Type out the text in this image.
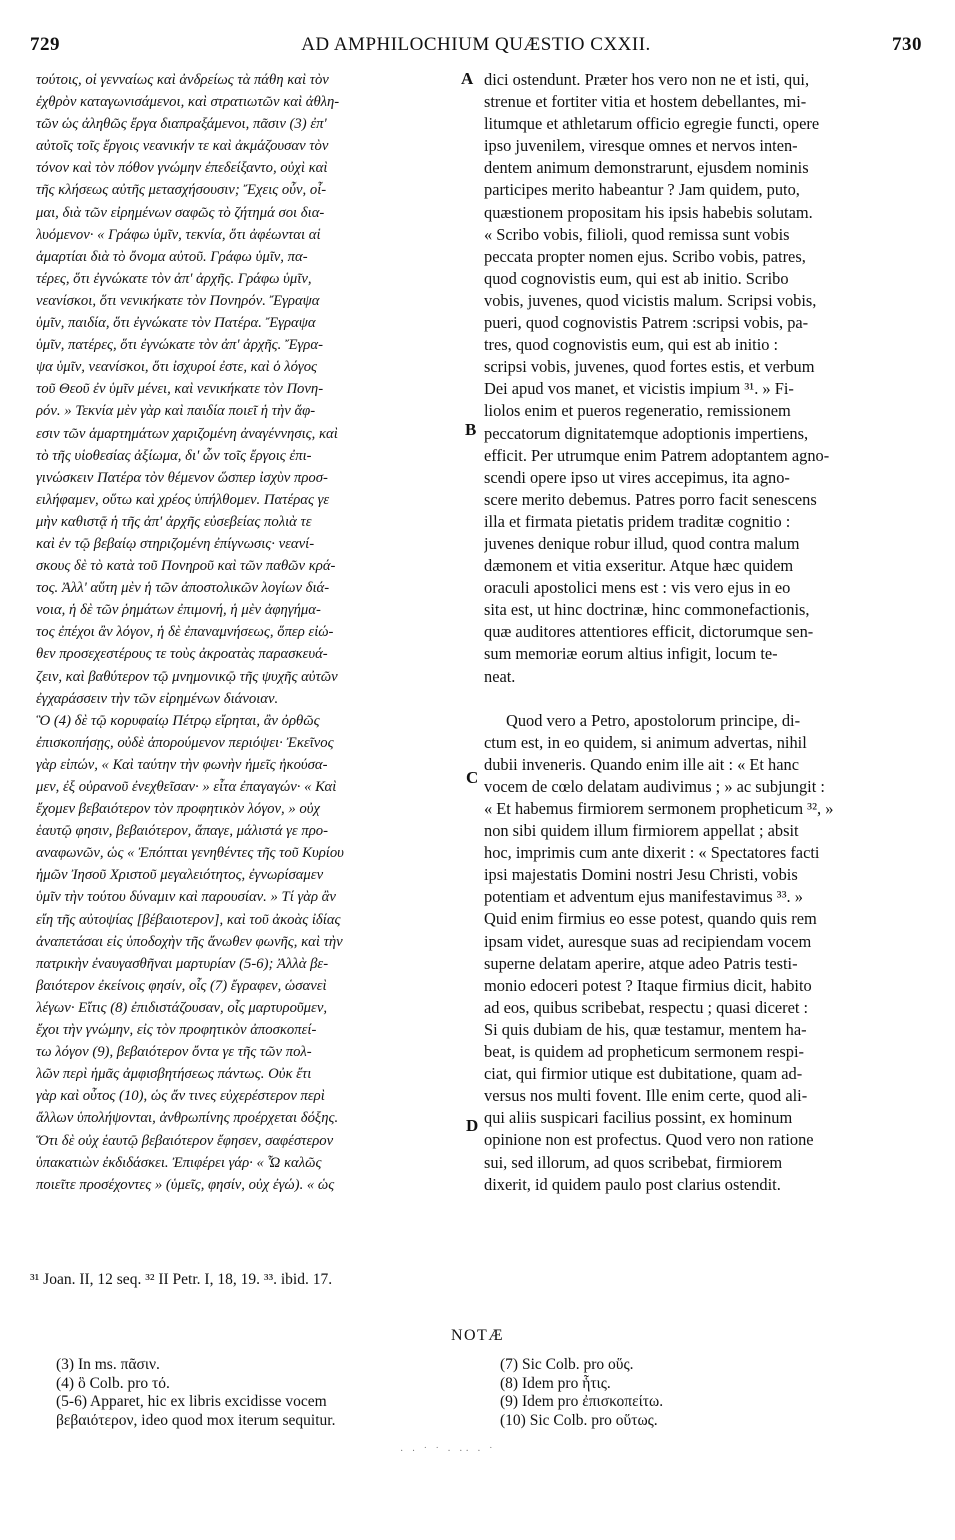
729	AD AMPHILOCHIUM QUÆSTIO CXXII.	730
τούτοις, οἱ γενναίως καὶ ἀνδρείως τὰ πάθη καὶ τὸν
ἐχθρὸν καταγωνισάμενοι, καὶ στρατιωτῶν καὶ ἀθλη-
τῶν ὡς ἀληθῶς ἔργα διαπραξάμενοι, πᾶσιν (3) ἐπ'
αὐτοῖς τοῖς ἔργοις νεανικήν τε καὶ ἀκμάζουσαν τὸν
τόνον καὶ τὸν πόθον γνώμην ἐπεδείξαντο, οὐχὶ καὶ
τῆς κλήσεως αὐτῆς μετασχήσουσιν; Ἔχεις οὖν, οἶ-
μαι, διὰ τῶν εἰρημένων σαφῶς τὸ ζήτημά σοι δια-
λυόμενον· « Γράφω ὑμῖν, τεκνία, ὅτι ἀφέωνται αἱ
ἁμαρτίαι διὰ τὸ ὄνομα αὐτοῦ. Γράφω ὑμῖν, πα-
τέρες, ὅτι ἐγνώκατε τὸν ἀπ' ἀρχῆς. Γράφω ὑμῖν,
νεανίσκοι, ὅτι νενικήκατε τὸν Πονηρόν. Ἔγραψα
ὑμῖν, παιδία, ὅτι ἐγνώκατε τὸν Πατέρα. Ἔγραψα
ὑμῖν, πατέρες, ὅτι ἐγνώκατε τὸν ἀπ' ἀρχῆς. Ἔγρα-
ψα ὑμῖν, νεανίσκοι, ὅτι ἰσχυροί ἐστε, καὶ ὁ λόγος
τοῦ Θεοῦ ἐν ὑμῖν μένει, καὶ νενικήκατε τὸν Πονη-
ρόν. » Τεκνία μὲν γὰρ καὶ παιδία ποιεῖ ἡ τὴν ἄφ-
εσιν τῶν ἁμαρτημάτων χαριζομένη ἀναγέννησις, καὶ
τὸ τῆς υἱοθεσίας ἀξίωμα, δι' ὧν τοῖς ἔργοις ἐπι-
γινώσκειν Πατέρα τὸν θέμενον ὥσπερ ἰσχὺν προσ-
ειλήφαμεν, οὕτω καὶ χρέος ὑπήλθομεν. Πατέρας γε
μὴν καθιστᾷ ἡ τῆς ἀπ' ἀρχῆς εὐσεβείας πολιὰ τε
καὶ ἐν τῷ βεβαίῳ στηριζομένη ἐπίγνωσις· νεανί-
σκους δὲ τὸ κατὰ τοῦ Πονηροῦ καὶ τῶν παθῶν κρά-
τος. Ἀλλ' αὕτη μὲν ἡ τῶν ἀποστολικῶν λογίων διά-
νοια, ἡ δὲ τῶν ῥημάτων ἐπιμονή, ἡ μὲν ἀφηγήμα-
τος ἐπέχοι ἂν λόγον, ἡ δὲ ἐπαναμνήσεως, ὅπερ εἰώ-
θεν προσεχεστέρους τε τοὺς ἀκροατὰς παρασκευά-
ζειν, καὶ βαθύτερον τῷ μνημονικῷ τῆς ψυχῆς αὐτῶν
ἐγχαράσσειν τὴν τῶν εἰρημένων διάνοιαν.
Ὃ (4) δὲ τῷ κορυφαίῳ Πέτρῳ εἴρηται, ἂν ὀρθῶς
ἐπισκοπήσῃς, οὐδὲ ἀπορούμενον περιόψει· Ἐκεῖνος
γὰρ εἰπών, « Καὶ ταύτην τὴν φωνὴν ἡμεῖς ἠκούσα-
μεν, ἐξ οὐρανοῦ ἐνεχθεῖσαν· » εἶτα ἐπαγαγών· « Καὶ
ἔχομεν βεβαιότερον τὸν προφητικὸν λόγον, » οὐχ
ἑαυτῷ φησιν, βεβαιότερον, ἄπαγε, μάλιστά γε προ-
αναφωνῶν, ὡς « Ἐπόπται γενηθέντες τῆς τοῦ Κυρίου
ἡμῶν Ἰησοῦ Χριστοῦ μεγαλειότητος, ἐγνωρίσαμεν
ὑμῖν τὴν τούτου δύναμιν καὶ παρουσίαν. » Τί γὰρ ἂν
εἴη τῆς αὐτοψίας [βέβαιοτερον], καὶ τοῦ ἀκοὰς ἰδίας
ἀναπετάσαι εἰς ὑποδοχὴν τῆς ἄνωθεν φωνῆς, καὶ τὴν
πατρικὴν ἐναυγασθῆναι μαρτυρίαν (5-6); Ἀλλὰ βε-
βαιότερον ἐκείνοις φησίν, οἷς (7) ἔγραφεν, ὡσανεὶ
λέγων· Εἴτις (8) ἐπιδιστάζουσαν, οἷς μαρτυροῦμεν,
ἔχοι τὴν γνώμην, εἰς τὸν προφητικὸν ἀποσκοπεί-
τω λόγον (9), βεβαιότερον ὄντα γε τῆς τῶν πολ-
λῶν περὶ ἡμᾶς ἀμφισβητήσεως πάντως. Οὐκ ἔτι
γὰρ καὶ οὗτος (10), ὡς ἄν τινες εὐχερέστερον περὶ
ἄλλων ὑπολήψονται, ἀνθρωπίνης προέρχεται δόξης.
Ὅτι δὲ οὐχ ἑαυτῷ βεβαιότερον ἔφησεν, σαφέστερον
ὑπακατιὼν ἐκδιδάσκει. Ἐπιφέρει γάρ· « Ὧ καλῶς
ποιεῖτε προσέχοντες » (ὑμεῖς, φησίν, οὐχ ἐγώ). « ὡς
dici ostendunt. Præter hos vero non ne et isti, qui,
strenue et fortiter vitia et hostem debellantes, mi-
litumque et athletarum officio egregie functi, opere
ipso juvenilem, viresque omnes et nervos inten-
dentem animum demonstrarunt, ejusdem nominis
participes merito habeantur ? Jam quidem, puto,
quæstionem propositam his ipsis habebis solutam.
« Scribo vobis, filioli, quod remissa sunt vobis
peccata propter nomen ejus. Scribo vobis, patres,
quod cognovistis eum, qui est ab initio. Scribo
vobis, juvenes, quod vicistis malum. Scripsi vobis,
pueri, quod cognovistis Patrem :scripsi vobis, pa-
tres, quod cognovistis eum, qui est ab initio :
scripsi vobis, juvenes, quod fortes estis, et verbum
Dei apud vos manet, et vicistis impium ³¹. » Fi-
liolos enim et pueros regeneratio, remissionem
peccatorum dignitatemque adoptionis impertiens,
efficit. Per utrumque enim Patrem adoptantem agno-
scendi opere ipso ut vires accepimus, ita agno-
scere merito debemus. Patres porro facit senescens
illa et firmata pietatis pridem traditæ cognitio :
juvenes denique robur illud, quod contra malum
dæmonem et vitia exseritur. Atque hæc quidem
oraculi apostolici mens est : vis vero ejus in eo
sita est, ut hinc doctrinæ, hinc commonefactionis,
quæ auditores attentiores efficit, dictorumque sen-
sum memoriæ eorum altius infigit, locum te-
neat.
Quod vero a Petro, apostolorum principe, di-
ctum est, in eo quidem, si animum advertas, nihil
dubii inveneris. Quando enim ille ait : « Et hanc
vocem de cœlo delatam audivimus ; » ac subjungit :
« Et habemus firmiorem sermonem propheticum ³², »
non sibi quidem illum firmiorem appellat ; absit
hoc, imprimis cum ante dixerit : « Spectatores facti
ipsi majestatis Domini nostri Jesu Christi, vobis
potentiam et adventum ejus manifestavimus ³³. »
Quid enim firmius eo esse potest, quando quis rem
ipsam videt, auresque suas ad recipiendam vocem
superne delatam aperire, atque adeo Patris testi-
monio edoceri potest ? Itaque firmius dicit, habito
ad eos, quibus scribebat, respectu ; quasi diceret :
Si quis dubiam de his, quæ testamur, mentem ha-
beat, is quidem ad propheticum sermonem respi-
ciat, qui firmior utique est dubitatione, quam ad-
versus nos multi fovent. Ille enim certe, quod ali-
qui aliis suspicari facilius possint, ex hominum
opinione non est profectus. Quod vero non ratione
sui, sed illorum, ad quos scribebat, firmiorem
dixerit, id quidem paulo post clarius ostendit.
A
B
C
D
³¹ Joan. II, 12 seq. ³² II Petr. I, 18, 19. ³³. ibid. 17.
NOTÆ
(3) In ms. πᾶσιν.
(4) ὃ Colb. pro τό.
(5-6) Apparet, hic ex libris excidisse vocem
βεβαιότερον, ideo quod mox iterum sequitur.
(7) Sic Colb. pro οὕς.
(8) Idem pro ἧτις.
(9) Idem pro ἐπισκοπείτω.
(10) Sic Colb. pro οὕτως.
· · ˙ ˙ · ·· · ˙
